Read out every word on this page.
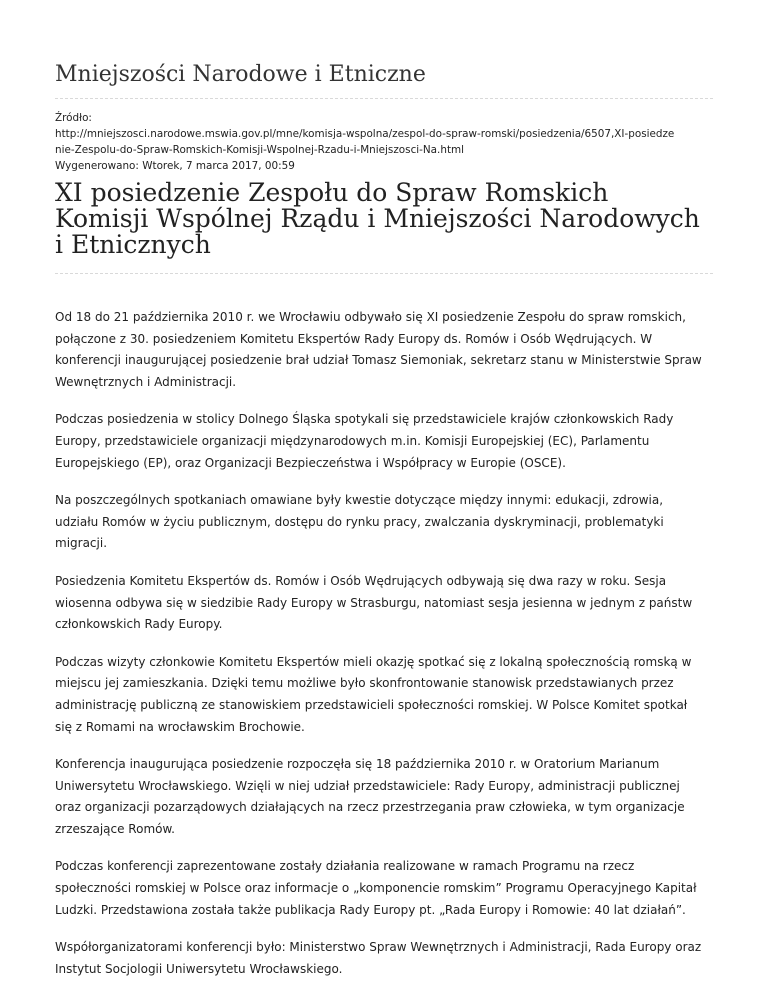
Mniejszości Narodowe i Etniczne
Źródło:
http://mniejszosci.narodowe.mswia.gov.pl/mne/komisja-wspolna/zespol-do-spraw-romski/posiedzenia/6507,XI-posiedze
nie-Zespolu-do-Spraw-Romskich-Komisji-Wspolnej-Rzadu-i-Mniejszosci-Na.html
Wygenerowano: Wtorek, 7 marca 2017, 00:59
XI posiedzenie Zespołu do Spraw Romskich
Komisji Wspólnej Rządu i Mniejszości Narodowych
i Etnicznych

Od 18 do 21 października 2010 r. we Wrocławiu odbywało się XI posiedzenie Zespołu do spraw romskich,
połączone z 30. posiedzeniem Komitetu Ekspertów Rady Europy ds. Romów i Osób Wędrujących. W
konferencji inaugurującej posiedzenie brał udział Tomasz Siemoniak, sekretarz stanu w Ministerstwie Spraw
Wewnętrznych i Administracji.

Podczas posiedzenia w stolicy Dolnego Śląska spotykali się przedstawiciele krajów członkowskich Rady
Europy, przedstawiciele organizacji międzynarodowych m.in. Komisji Europejskiej (EC), Parlamentu
Europejskiego (EP), oraz Organizacji Bezpieczeństwa i Współpracy w Europie (OSCE).

Na poszczególnych spotkaniach omawiane były kwestie dotyczące między innymi: edukacji, zdrowia,
udziału Romów w życiu publicznym, dostępu do rynku pracy, zwalczania dyskryminacji, problematyki
migracji.

Posiedzenia Komitetu Ekspertów ds. Romów i Osób Wędrujących odbywają się dwa razy w roku. Sesja
wiosenna odbywa się w siedzibie Rady Europy w Strasburgu, natomiast sesja jesienna w jednym z państw
członkowskich Rady Europy.

Podczas wizyty członkowie Komitetu Ekspertów mieli okazję spotkać się z lokalną społecznością romską w
miejscu jej zamieszkania. Dzięki temu możliwe było skonfrontowanie stanowisk przedstawianych przez
administrację publiczną ze stanowiskiem przedstawicieli społeczności romskiej. W Polsce Komitet spotkał
się z Romami na wrocławskim Brochowie.

Konferencja inaugurująca posiedzenie rozpoczęła się 18 października 2010 r. w Oratorium Marianum
Uniwersytetu Wrocławskiego. Wzięli w niej udział przedstawiciele: Rady Europy, administracji publicznej
oraz organizacji pozarządowych działających na rzecz przestrzegania praw człowieka, w tym organizacje
zrzeszające Romów.

Podczas konferencji zaprezentowane zostały działania realizowane w ramach Programu na rzecz
społeczności romskiej w Polsce oraz informacje o „komponencie romskim” Programu Operacyjnego Kapitał
Ludzki. Przedstawiona została także publikacja Rady Europy pt. „Rada Europy i Romowie: 40 lat działań”.

Współorganizatorami konferencji było: Ministerstwo Spraw Wewnętrznych i Administracji, Rada Europy oraz
Instytut Socjologii Uniwersytetu Wrocławskiego.
